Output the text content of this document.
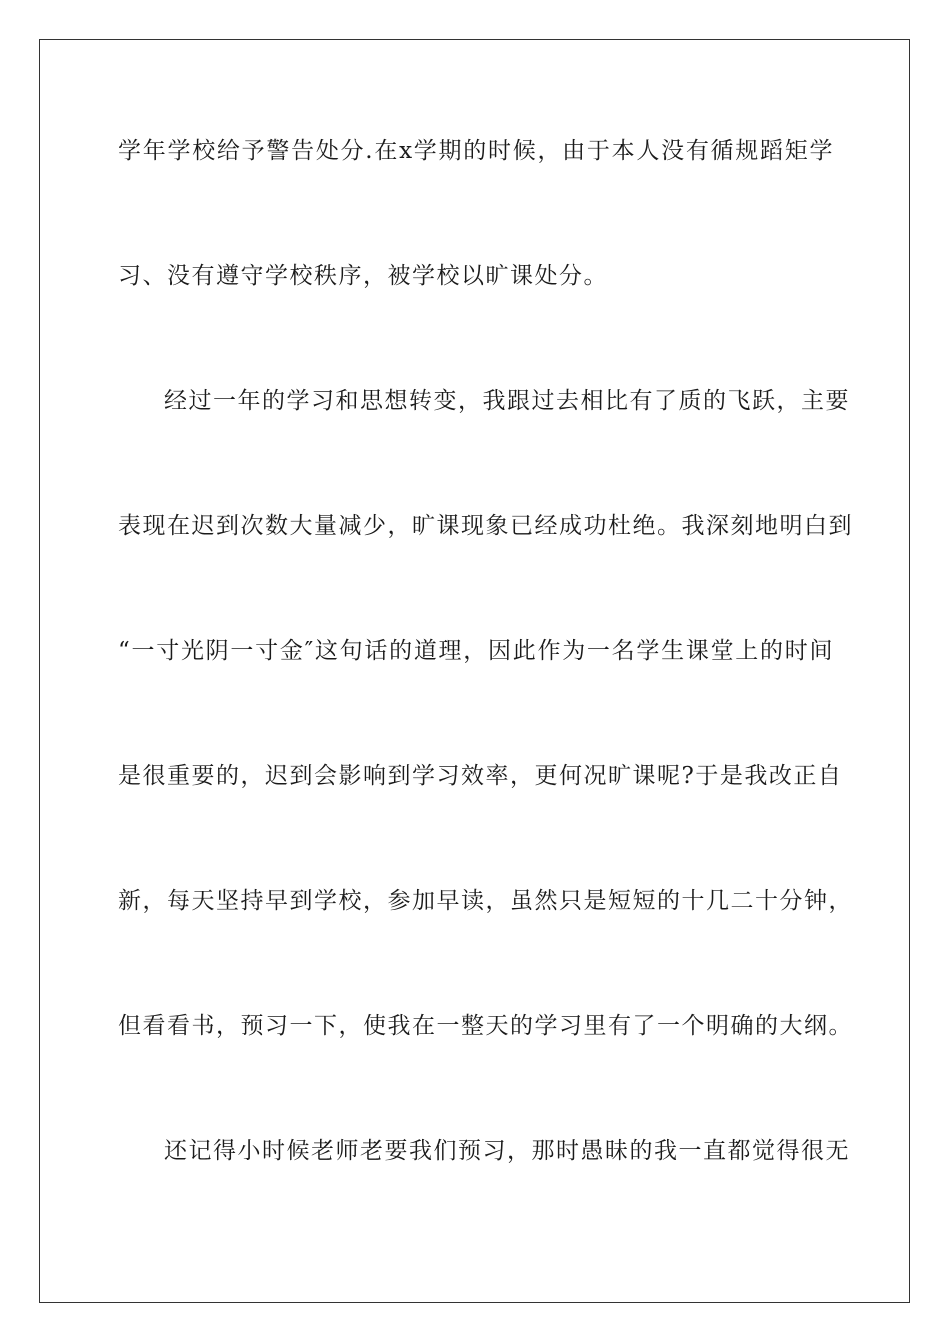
学年学校给予警告处分.在x学期的时候，由于本人没有循规蹈矩学
习、没有遵守学校秩序，被学校以旷课处分。
经过一年的学习和思想转变，我跟过去相比有了质的飞跃，主要
表现在迟到次数大量减少，旷课现象已经成功杜绝。我深刻地明白到
“一寸光阴一寸金″这句话的道理，因此作为一名学生课堂上的时间
是很重要的，迟到会影响到学习效率，更何况旷课呢?于是我改正自
新，每天坚持早到学校，参加早读，虽然只是短短的十几二十分钟，
但看看书，预习一下，使我在一整天的学习里有了一个明确的大纲。
还记得小时候老师老要我们预习，那时愚昧的我一直都觉得很无
